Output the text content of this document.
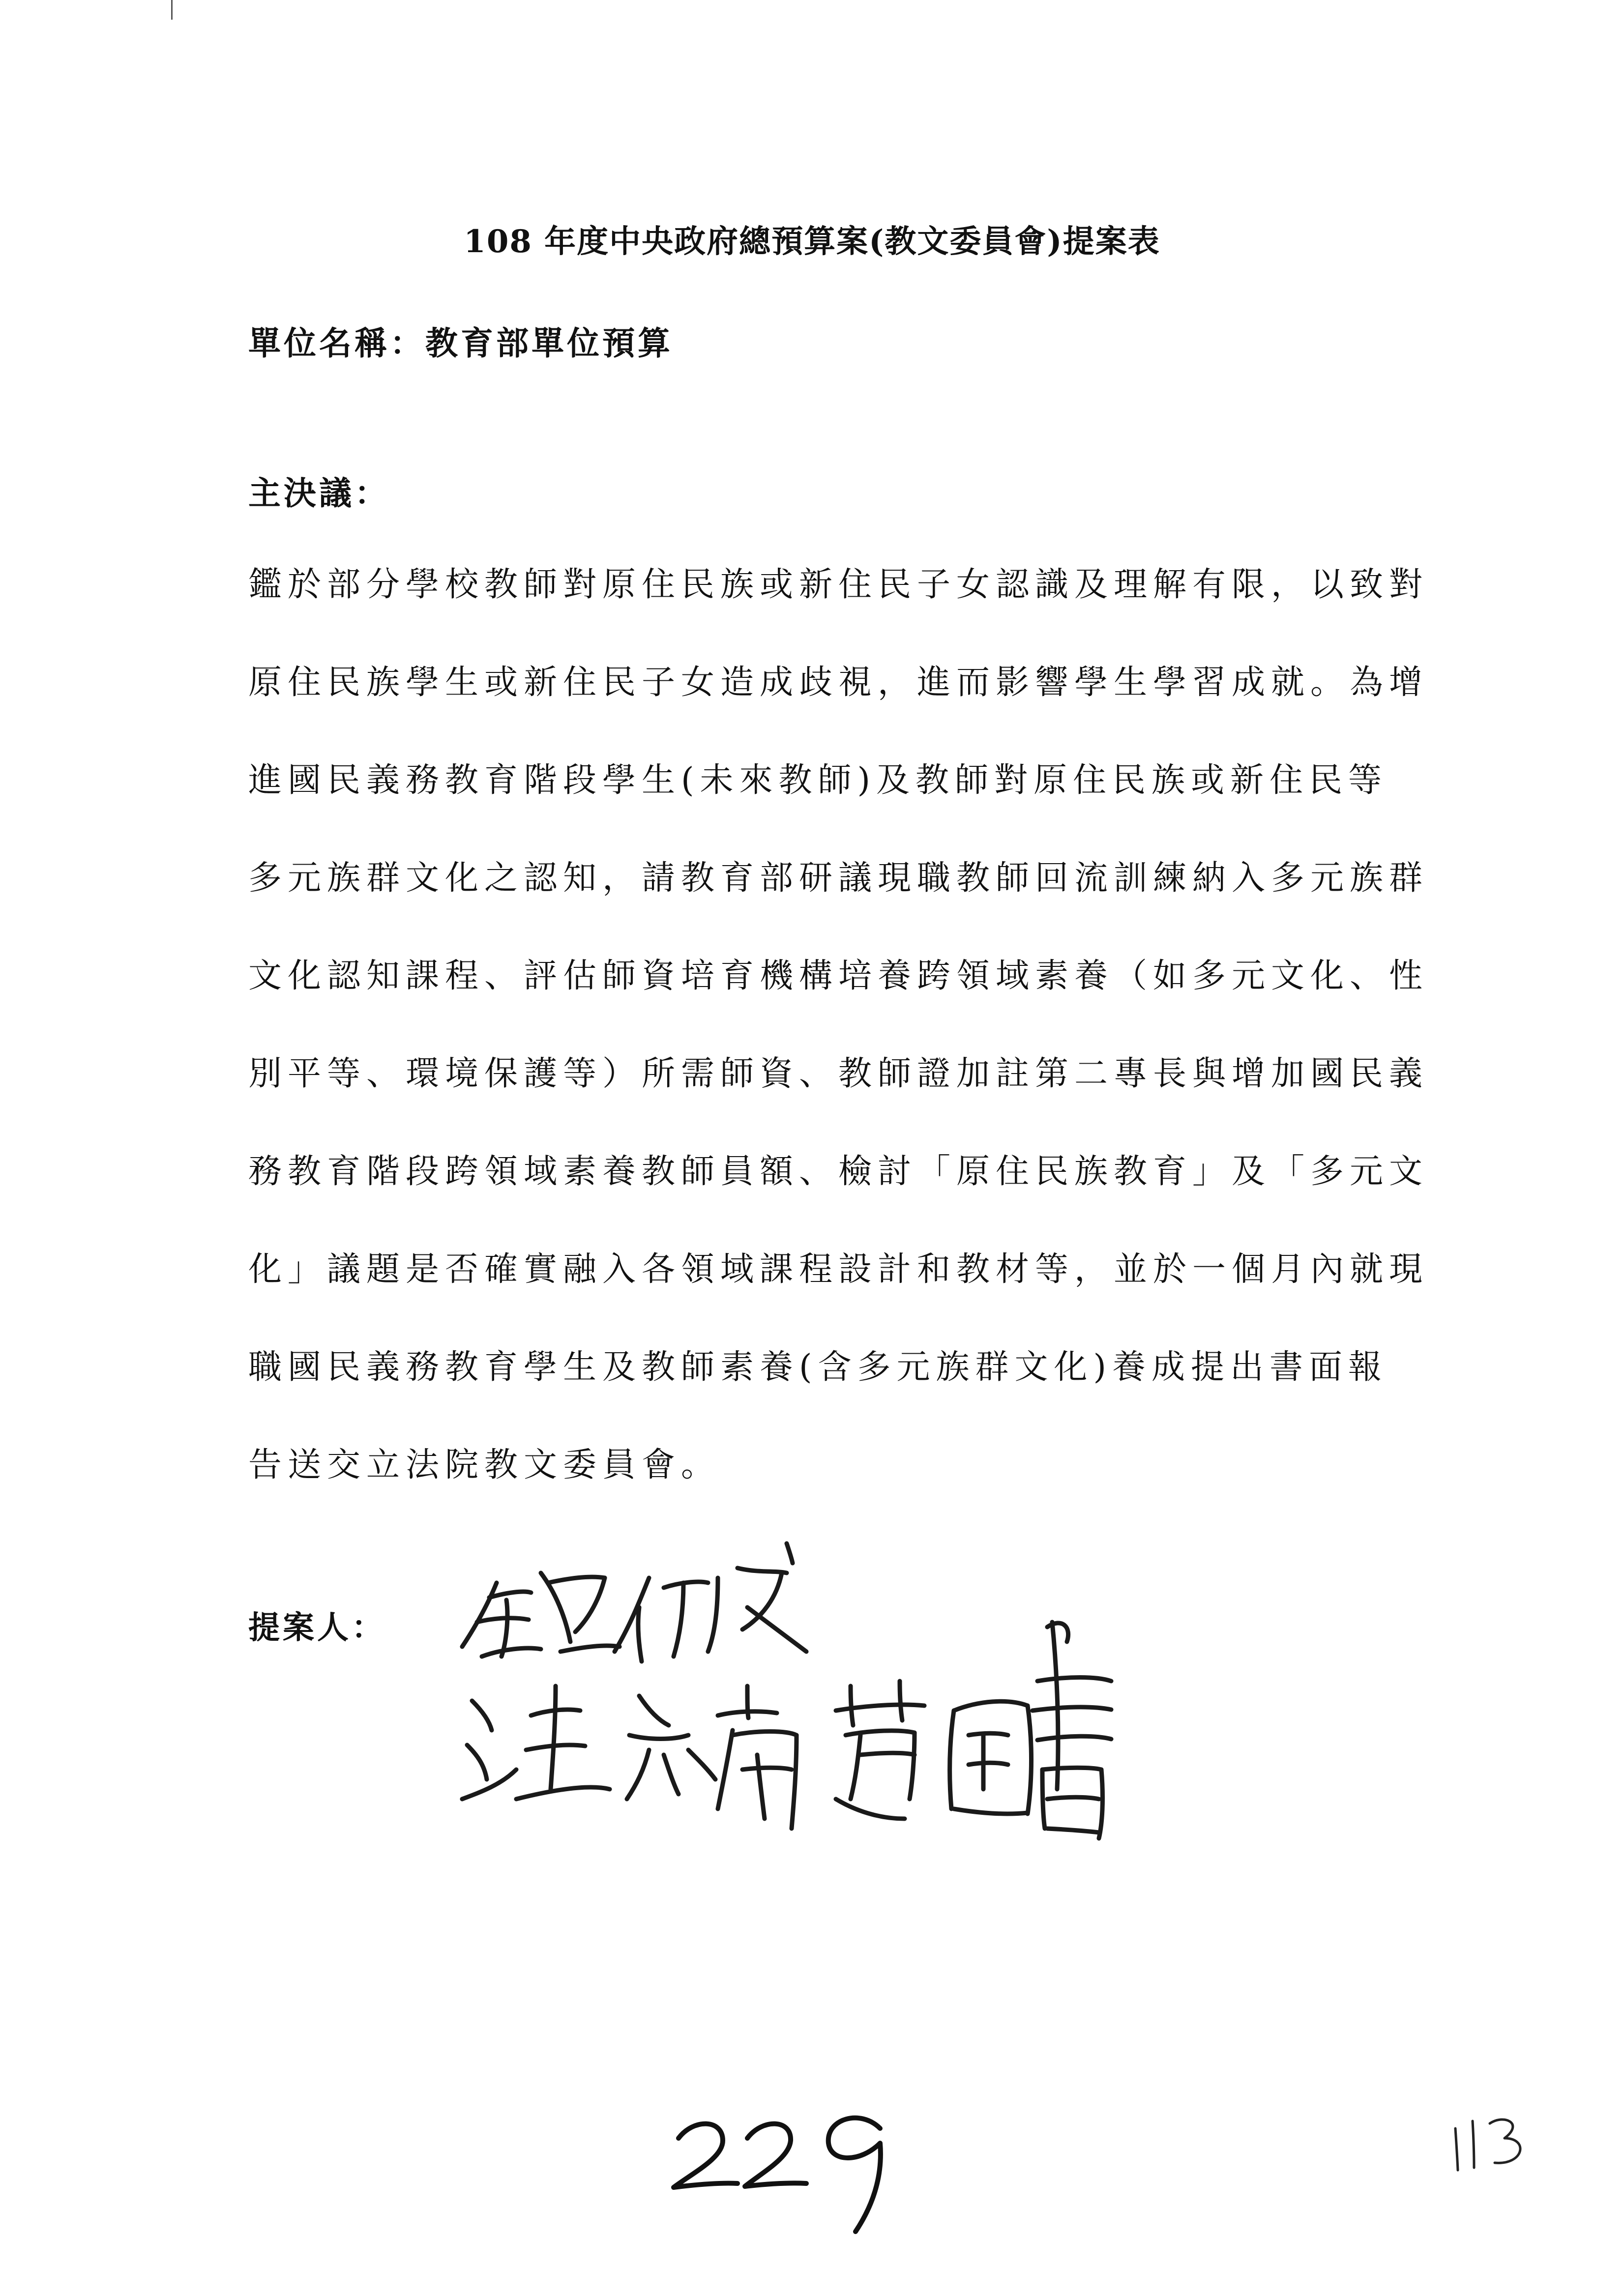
108 年度中央政府總預算案(教文委員會)提案表
單位名稱：教育部單位預算
主決議：
鑑於部分學校教師對原住民族或新住民子女認識及理解有限，以致對
原住民族學生或新住民子女造成歧視，進而影響學生學習成就。為增
進國民義務教育階段學生(未來教師)及教師對原住民族或新住民等
多元族群文化之認知，請教育部研議現職教師回流訓練納入多元族群
文化認知課程、評估師資培育機構培養跨領域素養（如多元文化、性
別平等、環境保護等）所需師資、教師證加註第二專長與增加國民義
務教育階段跨領域素養教師員額、檢討「原住民族教育」及「多元文
化」議題是否確實融入各領域課程設計和教材等，並於一個月內就現
職國民義務教育學生及教師素養(含多元族群文化)養成提出書面報
告送交立法院教文委員會。
提案人：
